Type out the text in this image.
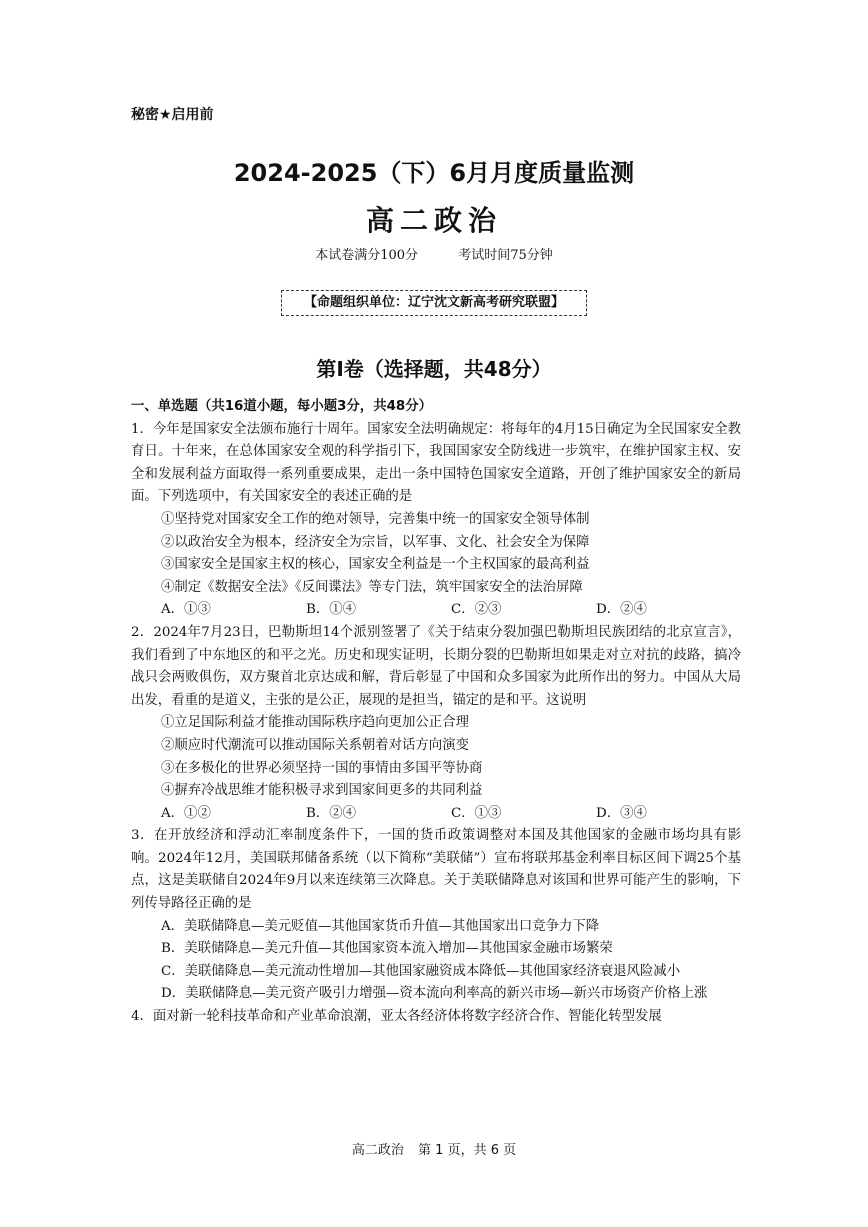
秘密★启用前
2024-2025（下）6月月度质量监测
高二政治
本试卷满分100分	考试时间75分钟
【命题组织单位：辽宁沈文新高考研究联盟】
第Ⅰ卷（选择题，共48分）

一、单选题（共16道小题，每小题3分，共48分）

1．今年是国家安全法颁布施行十周年。国家安全法明确规定：将每年的4月15日确定为全民国家安全教育日。十年来，在总体国家安全观的科学指引下，我国国家安全防线进一步筑牢，在维护国家主权、安全和发展利益方面取得一系列重要成果，走出一条中国特色国家安全道路，开创了维护国家安全的新局面。下列选项中，有关国家安全的表述正确的是

①坚持党对国家安全工作的绝对领导，完善集中统一的国家安全领导体制

②以政治安全为根本，经济安全为宗旨，以军事、文化、社会安全为保障

③国家安全是国家主权的核心，国家安全利益是一个主权国家的最高利益

④制定《数据安全法》《反间谍法》等专门法，筑牢国家安全的法治屏障

A．①③	B．①④	C．②③	D．②④

2．2024年7月23日，巴勒斯坦14个派别签署了《关于结束分裂加强巴勒斯坦民族团结的北京宣言》，我们看到了中东地区的和平之光。历史和现实证明，长期分裂的巴勒斯坦如果走对立对抗的歧路，搞冷战只会两败俱伤，双方聚首北京达成和解，背后彰显了中国和众多国家为此所作出的努力。中国从大局出发，看重的是道义，主张的是公正，展现的是担当，锚定的是和平。这说明

①立足国际利益才能推动国际秩序趋向更加公正合理

②顺应时代潮流可以推动国际关系朝着对话方向演变

③在多极化的世界必须坚持一国的事情由多国平等协商

④摒弃冷战思维才能积极寻求到国家间更多的共同利益

A．①②	B．②④	C．①③	D．③④

3．在开放经济和浮动汇率制度条件下，一国的货币政策调整对本国及其他国家的金融市场均具有影响。2024年12月，美国联邦储备系统（以下简称“美联储”）宣布将联邦基金利率目标区间下调25个基点，这是美联储自2024年9月以来连续第三次降息。关于美联储降息对该国和世界可能产生的影响，下列传导路径正确的是

A．美联储降息—美元贬值—其他国家货币升值—其他国家出口竞争力下降

B．美联储降息—美元升值—其他国家资本流入增加—其他国家金融市场繁荣

C．美联储降息—美元流动性增加—其他国家融资成本降低—其他国家经济衰退风险减小

D．美联储降息—美元资产吸引力增强—资本流向利率高的新兴市场—新兴市场资产价格上涨

4．面对新一轮科技革命和产业革命浪潮，亚太各经济体将数字经济合作、智能化转型发展

高二政治 第 1 页，共 6 页
